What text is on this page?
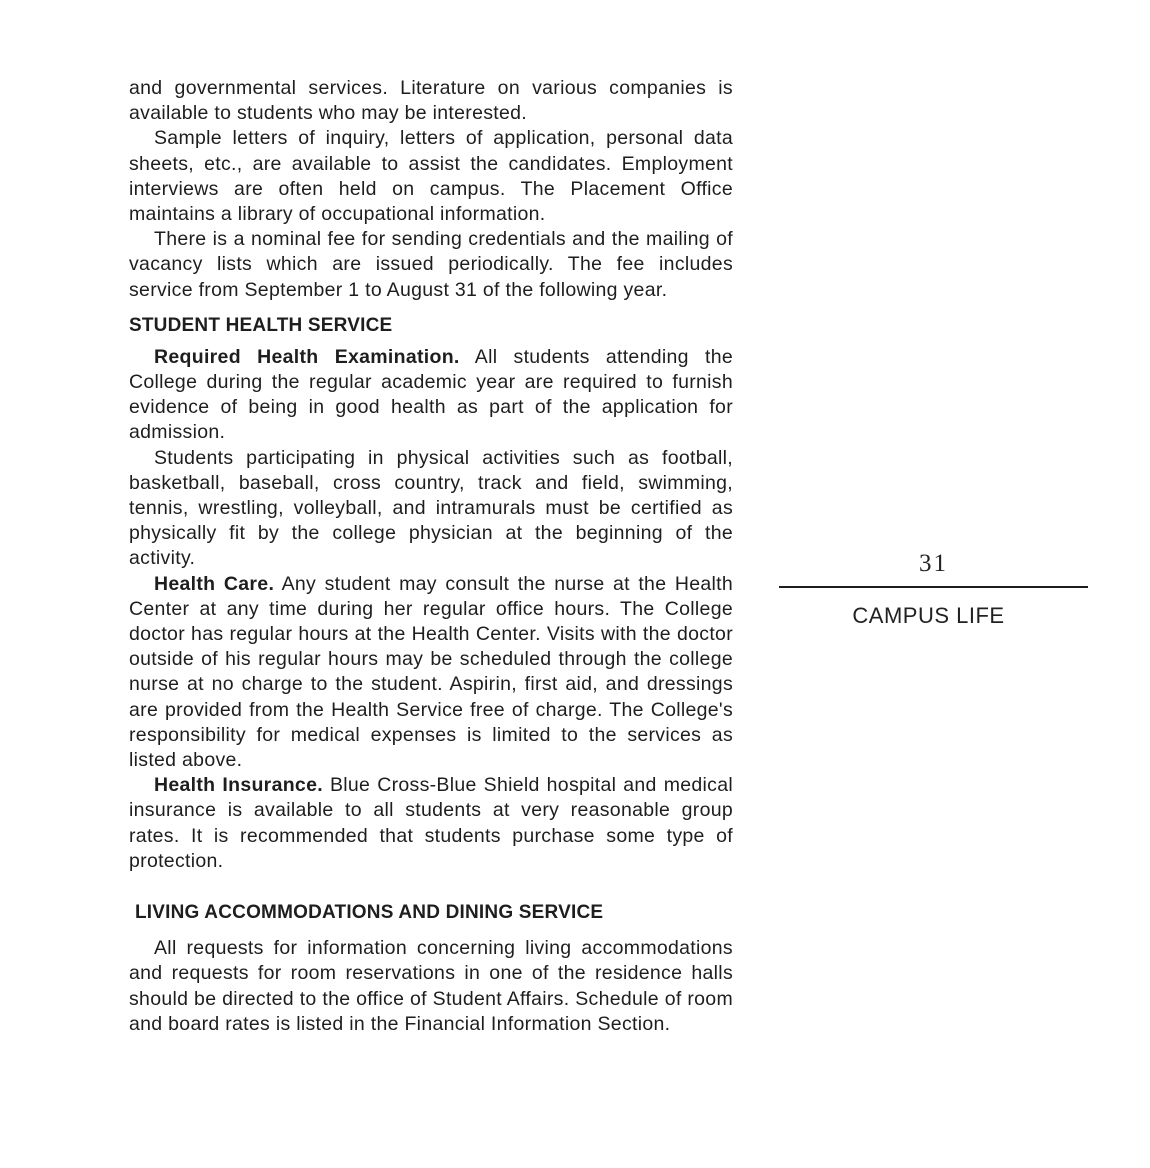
and governmental services. Literature on various companies is available to students who may be interested.

Sample letters of inquiry, letters of application, personal data sheets, etc., are available to assist the candidates. Employment interviews are often held on campus. The Placement Office maintains a library of occupational information.

There is a nominal fee for sending credentials and the mailing of vacancy lists which are issued periodically. The fee includes service from September 1 to August 31 of the following year.

STUDENT HEALTH SERVICE

Required Health Examination. All students attending the College during the regular academic year are required to furnish evidence of being in good health as part of the application for admission.

Students participating in physical activities such as football, basketball, baseball, cross country, track and field, swimming, tennis, wrestling, volleyball, and intramurals must be certified as physically fit by the college physician at the beginning of the activity.

Health Care. Any student may consult the nurse at the Health Center at any time during her regular office hours. The College doctor has regular hours at the Health Center. Visits with the doctor outside of his regular hours may be scheduled through the college nurse at no charge to the student. Aspirin, first aid, and dressings are provided from the Health Service free of charge. The College's responsibility for medical expenses is limited to the services as listed above.

Health Insurance. Blue Cross-Blue Shield hospital and medical insurance is available to all students at very reasonable group rates. It is recommended that students purchase some type of protection.

LIVING ACCOMMODATIONS AND DINING SERVICE

All requests for information concerning living accommodations and requests for room reservations in one of the residence halls should be directed to the office of Student Affairs. Schedule of room and board rates is listed in the Financial Information Section.

31
CAMPUS LIFE
